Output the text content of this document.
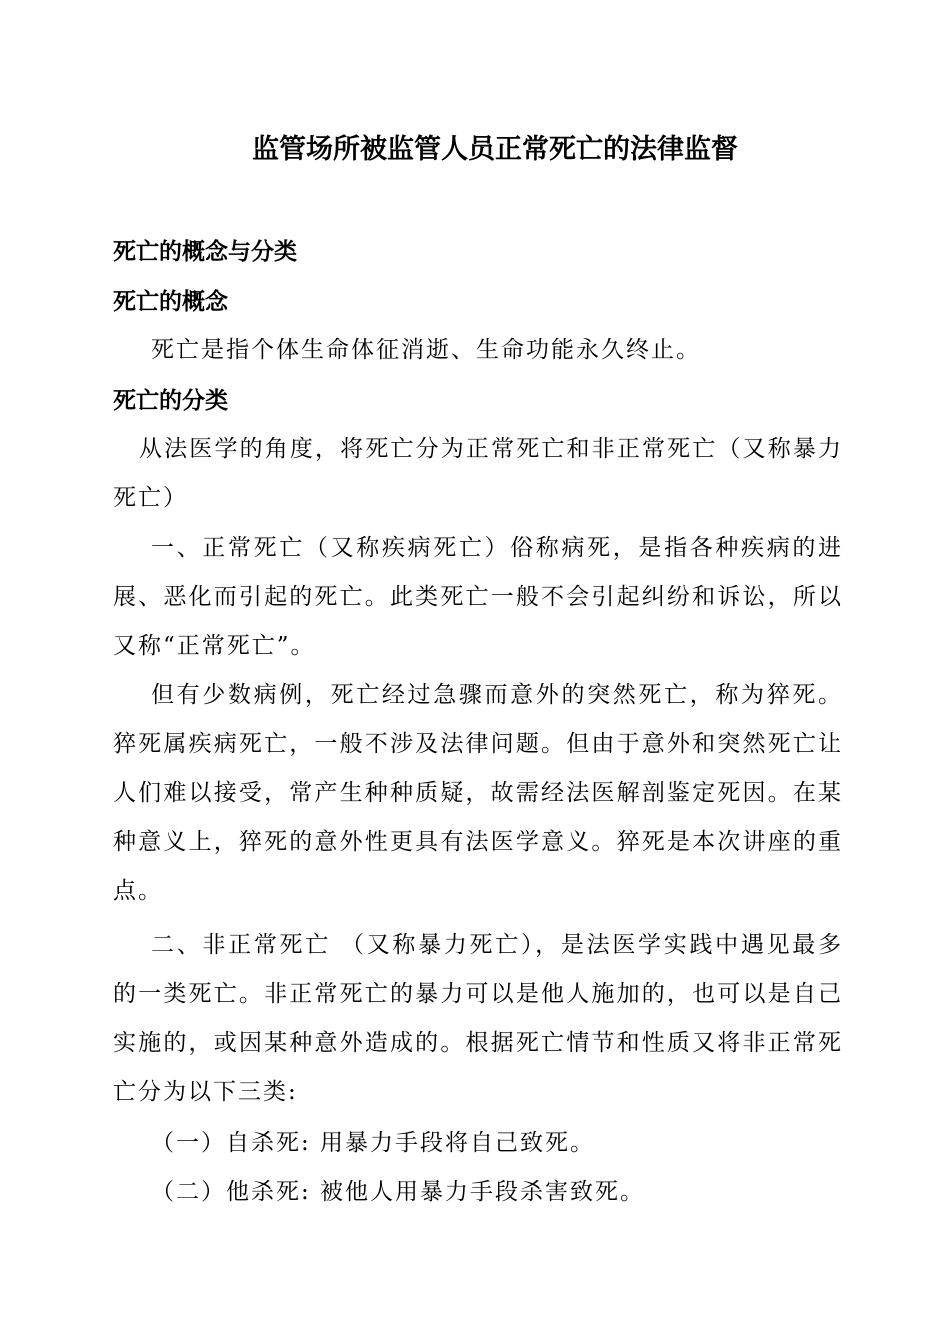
监管场所被监管人员正常死亡的法律监督
死亡的概念与分类
死亡的概念

死亡是指个体生命体征消逝、生命功能永久终止。

死亡的分类

从法医学的角度，将死亡分为正常死亡和非正常死亡（又称暴力死亡）

一、正常死亡（又称疾病死亡）俗称病死，是指各种疾病的进展、恶化而引起的死亡。此类死亡一般不会引起纠纷和诉讼，所以又称“正常死亡”。

但有少数病例，死亡经过急骤而意外的突然死亡，称为猝死。猝死属疾病死亡，一般不涉及法律问题。但由于意外和突然死亡让人们难以接受，常产生种种质疑，故需经法医解剖鉴定死因。在某种意义上，猝死的意外性更具有法医学意义。猝死是本次讲座的重点。

二、非正常死亡 （又称暴力死亡），是法医学实践中遇见最多的一类死亡。非正常死亡的暴力可以是他人施加的，也可以是自己实施的，或因某种意外造成的。根据死亡情节和性质又将非正常死亡分为以下三类:

（一）自杀死: 用暴力手段将自己致死。

（二）他杀死: 被他人用暴力手段杀害致死。
